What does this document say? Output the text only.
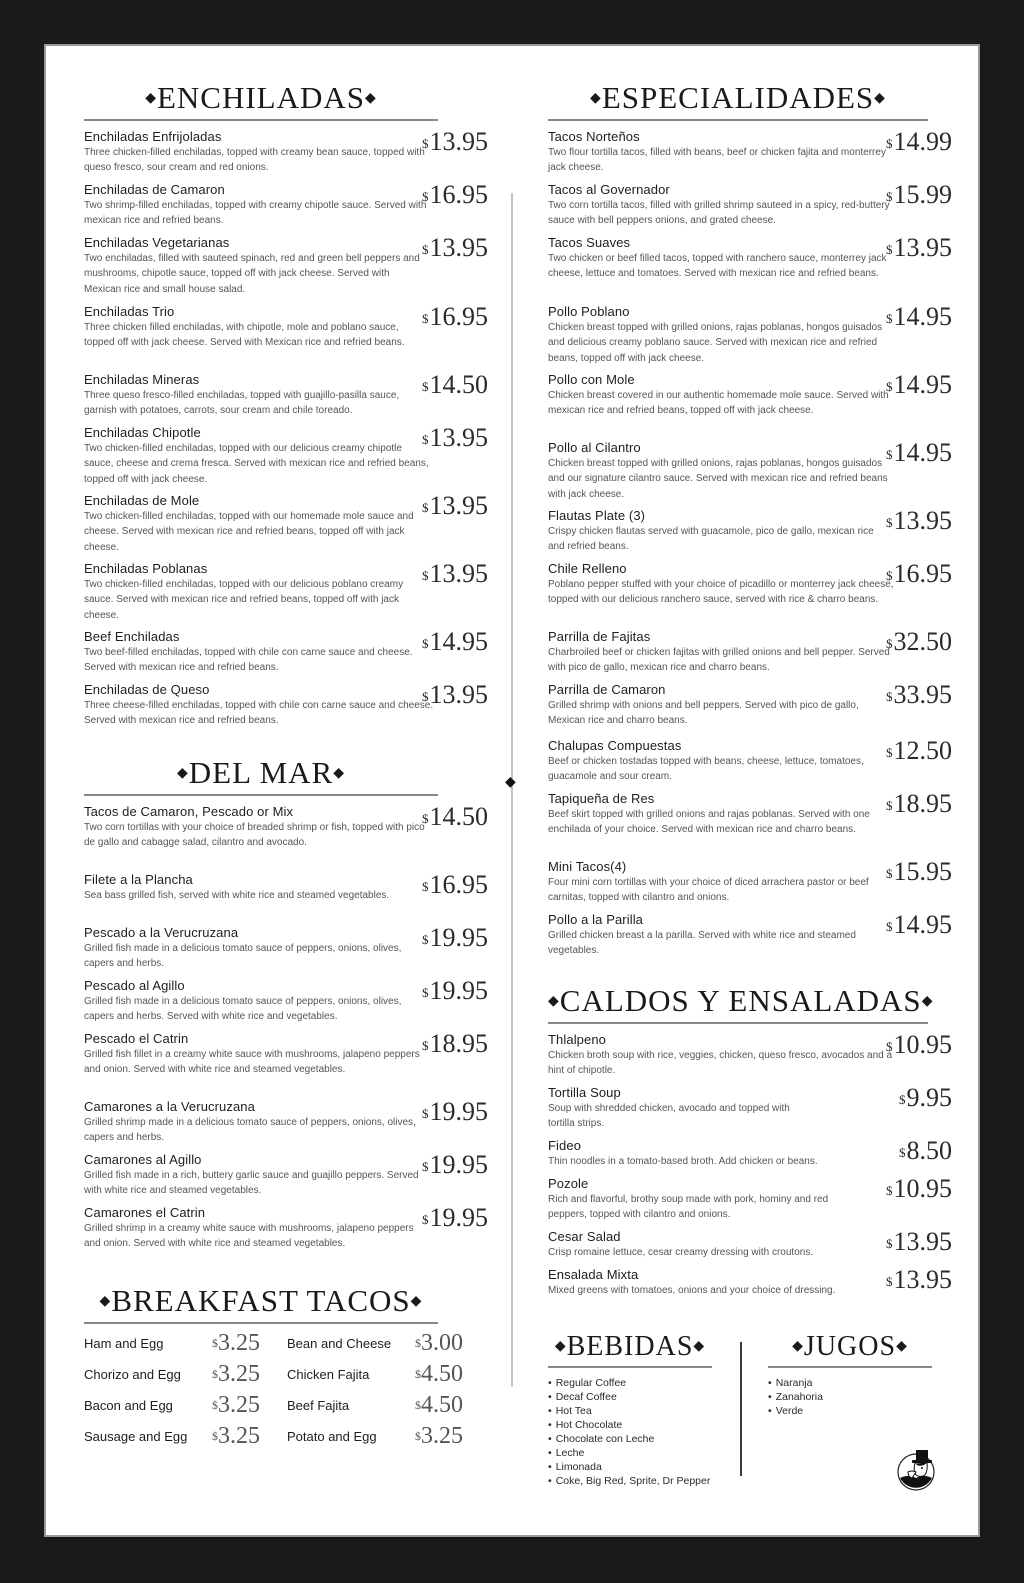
◆ENCHILADAS◆
Enchiladas Enfrijoladas
Three chicken-filled enchiladas, topped with creamy bean sauce, topped with queso fresco, sour cream and red onions.
$13.95
Enchiladas de Camaron
Two shrimp-filled enchiladas, topped with creamy chipotle sauce. Served with mexican rice and refried beans.
$16.95
Enchiladas Vegetarianas
Two enchiladas, filled with sauteed spinach, red and green bell peppers and mushrooms, chipotle sauce, topped off with jack cheese. Served with Mexican rice and small house salad.
$13.95
Enchiladas Trio
Three chicken filled enchiladas, with chipotle, mole and poblano sauce, topped off with jack cheese. Served with Mexican rice and refried beans.
$16.95
Enchiladas Mineras
Three queso fresco-filled enchiladas, topped with guajillo-pasilla sauce, garnish with potatoes, carrots, sour cream and chile toreado.
$14.50
Enchiladas Chipotle
Two chicken-filled enchiladas, topped with our delicious creamy chipotle sauce, cheese and crema fresca. Served with mexican rice and refried beans, topped off with jack cheese.
$13.95
Enchiladas de Mole
Two chicken-filled enchiladas, topped with our homemade mole sauce and cheese. Served with mexican rice and refried beans, topped off with jack cheese.
$13.95
Enchiladas Poblanas
Two chicken-filled enchiladas, topped with our delicious poblano creamy sauce. Served with mexican rice and refried beans, topped off with jack cheese.
$13.95
Beef Enchiladas
Two beef-filled enchiladas, topped with chile con carne sauce and cheese. Served with mexican rice and refried beans.
$14.95
Enchiladas de Queso
Three cheese-filled enchiladas, topped with chile con carne sauce and cheese. Served with mexican rice and refried beans.
$13.95
◆DEL MAR◆
Tacos de Camaron, Pescado or Mix
Two corn tortillas with your choice of breaded shrimp or fish, topped with pico de gallo and cabagge salad, cilantro and avocado.
$14.50
Filete a la Plancha
Sea bass grilled fish, served with white rice and steamed vegetables.
$16.95
Pescado a la Verucruzana
Grilled fish made in a delicious tomato sauce of peppers, onions, olives, capers and herbs.
$19.95
Pescado al Agillo
Grilled fish made in a delicious tomato sauce of peppers, onions, olives, capers and herbs. Served with white rice and vegetables.
$19.95
Pescado el Catrin
Grilled fish fillet in a creamy white sauce with mushrooms, jalapeno peppers and onion. Served with white rice and steamed vegetables.
$18.95
Camarones a la Verucruzana
Grilled shrimp made in a delicious tomato sauce of peppers, onions, olives, capers and herbs.
$19.95
Camarones al Agillo
Grilled fish made in a rich, buttery garlic sauce and guajillo peppers. Served with white rice and steamed vegetables.
$19.95
Camarones el Catrin
Grilled shrimp in a creamy white sauce with mushrooms, jalapeno peppers and onion. Served with white rice and steamed vegetables.
$19.95
◆BREAKFAST TACOS◆
Ham and Egg	$3.25	Bean and Cheese	$3.00
Chorizo and Egg	$3.25	Chicken Fajita	$4.50
Bacon and Egg	$3.25	Beef Fajita	$4.50
Sausage and Egg	$3.25	Potato and Egg	$3.25
◆
◆ESPECIALIDADES◆
Tacos Norteños
Two flour tortilla tacos, filled with beans, beef or chicken fajita and monterrey jack cheese.
$14.99
Tacos al Governador
Two corn tortilla tacos, filled with grilled shrimp sauteed in a spicy, red-buttery sauce with bell peppers onions, and grated cheese.
$15.99
Tacos Suaves
Two chicken or beef filled tacos, topped with ranchero sauce, monterrey jack cheese, lettuce and tomatoes. Served with mexican rice and refried beans.
$13.95
Pollo Poblano
Chicken breast topped with grilled onions, rajas poblanas, hongos guisados and delicious creamy poblano sauce. Served with mexican rice and refried beans, topped off with jack cheese.
$14.95
Pollo con Mole
Chicken breast covered in our authentic homemade mole sauce. Served with mexican rice and refried beans, topped off with jack cheese.
$14.95
Pollo al Cilantro
Chicken breast topped with grilled onions, rajas poblanas, hongos guisados and our signature cilantro sauce. Served with mexican rice and refried beans with jack cheese.
$14.95
Flautas Plate (3)
Crispy chicken flautas served with guacamole, pico de gallo, mexican rice and refried beans.
$13.95
Chile Relleno
Poblano pepper stuffed with your choice of picadillo or monterrey jack cheese, topped with our delicious ranchero sauce, served with rice & charro beans.
$16.95
Parrilla de Fajitas
Charbroiled beef or chicken fajitas with grilled onions and bell pepper. Served with pico de gallo, mexican rice and charro beans.
$32.50
Parrilla de Camaron
Grilled shrimp with onions and bell peppers. Served with pico de gallo, Mexican rice and charro beans.
$33.95
Chalupas Compuestas
Beef or chicken tostadas topped with beans, cheese, lettuce, tomatoes, guacamole and sour cream.
$12.50
Tapiqueña de Res
Beef skirt topped with grilled onions and rajas poblanas. Served with one enchilada of your choice. Served with mexican rice and charro beans.
$18.95
Mini Tacos(4)
Four mini corn tortillas with your choice of diced arrachera pastor or beef carnitas, topped with cilantro and onions.
$15.95
Pollo a la Parilla
Grilled chicken breast a la parilla. Served with white rice and steamed vegetables.
$14.95
◆CALDOS Y ENSALADAS◆
Thlalpeno
Chicken broth soup with rice, veggies, chicken, queso fresco, avocados and a hint of chipotle.
$10.95
Tortilla Soup
Soup with shredded chicken, avocado and topped with tortilla strips.
$9.95
Fideo
Thin noodles in a tomato-based broth. Add chicken or beans.
$8.50
Pozole
Rich and flavorful, brothy soup made with pork, hominy and red peppers, topped with cilantro and onions.
$10.95
Cesar Salad
Crisp romaine lettuce, cesar creamy dressing with croutons.
$13.95
Ensalada Mixta
Mixed greens with tomatoes, onions and your choice of dressing.
$13.95
◆BEBIDAS◆
• Regular Coffee
• Decaf Coffee
• Hot Tea
• Hot Chocolate
• Chocolate con Leche
• Leche
• Limonada
• Coke, Big Red, Sprite, Dr Pepper
◆JUGOS◆
• Naranja
• Zanahoria
• Verde
